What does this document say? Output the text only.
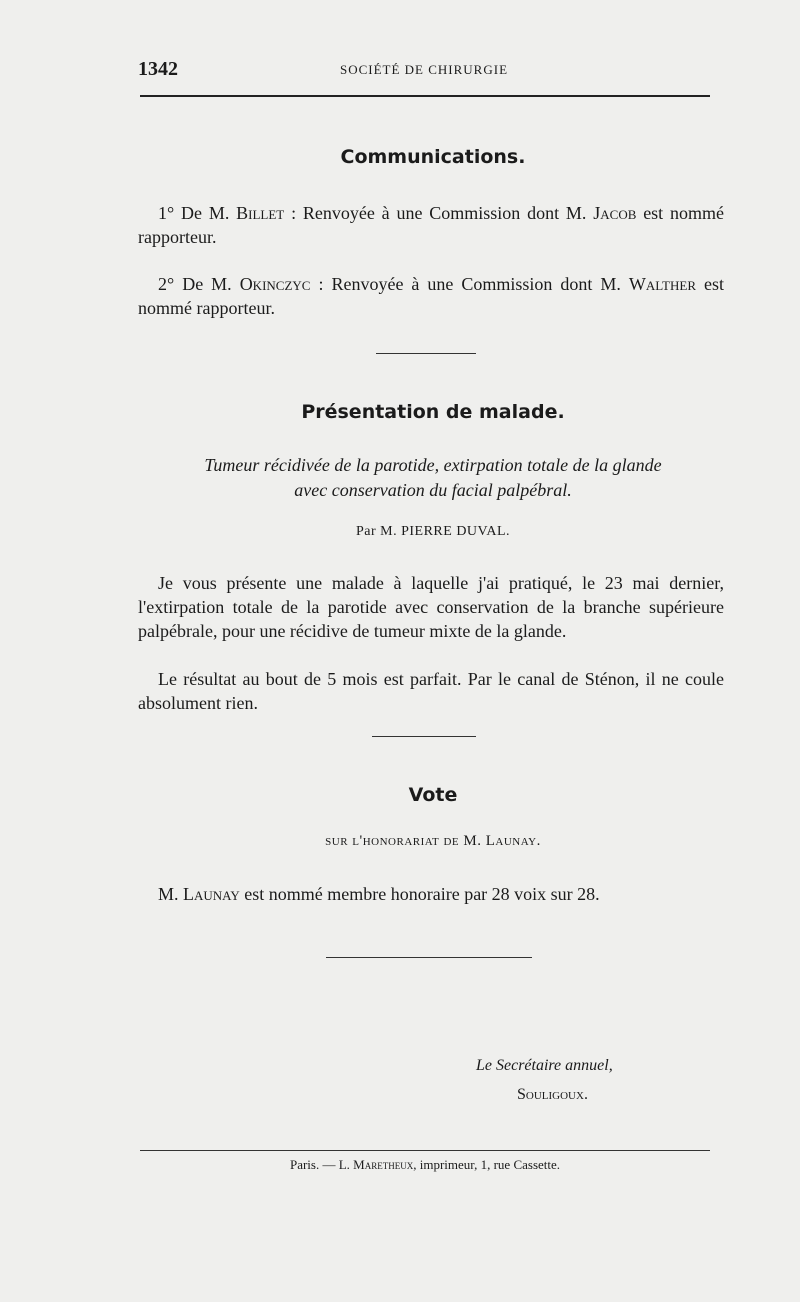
1342	SOCIÉTÉ DE CHIRURGIE
Communications.
1° De M. Billet : Renvoyée à une Commission dont M. Jacob est nommé rapporteur.
2° De M. Okinczyc : Renvoyée à une Commission dont M. Walther est nommé rapporteur.
Présentation de malade.
Tumeur récidivée de la parotide, extirpation totale de la glande
avec conservation du facial palpébral.
Par M. PIERRE DUVAL.
Je vous présente une malade à laquelle j'ai pratiqué, le 23 mai dernier, l'extirpation totale de la parotide avec conservation de la branche supérieure palpébrale, pour une récidive de tumeur mixte de la glande.
Le résultat au bout de 5 mois est parfait. Par le canal de Sténon, il ne coule absolument rien.
Vote
sur l'honorariat de M. Launay.
M. Launay est nommé membre honoraire par 28 voix sur 28.
Le Secrétaire annuel,
Souligoux.
Paris. — L. Maretheux, imprimeur, 1, rue Cassette.
